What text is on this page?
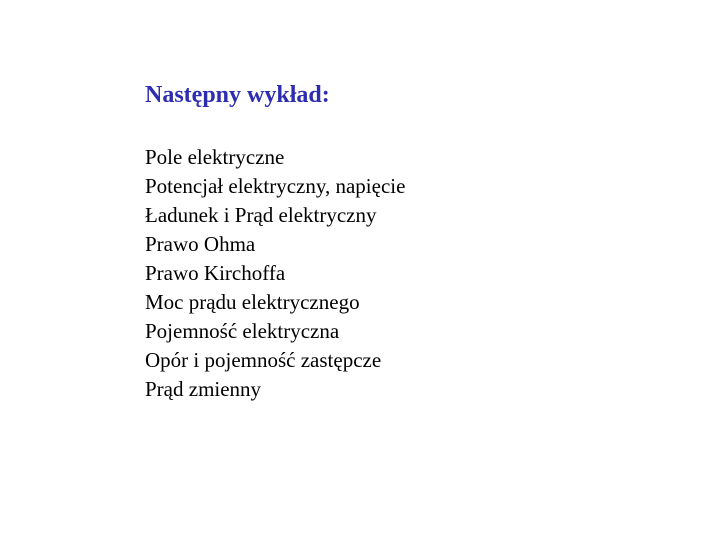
Następny wykład:
Pole elektryczne
Potencjał elektryczny, napięcie
Ładunek i Prąd elektryczny
Prawo Ohma
Prawo Kirchoffa
Moc prądu elektrycznego
Pojemność elektryczna
Opór i pojemność zastępcze
Prąd zmienny
